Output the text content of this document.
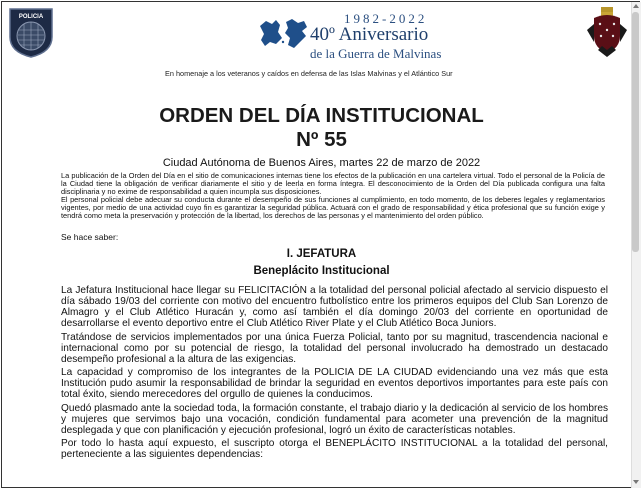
POLICIA	1982-2022
40º Aniversario
de la Guerra de Malvinas
En homenaje a los veteranos y caídos en defensa de las Islas Malvinas y el Atlántico Sur
ORDEN DEL DÍA INSTITUCIONAL
Nº 55
Ciudad Autónoma de Buenos Aires, martes 22 de marzo de 2022

La publicación de la Orden del Día en el sitio de comunicaciones internas tiene los efectos de la publicación en una cartelera virtual. Todo el personal de la Policía de la Ciudad tiene la obligación de verificar diariamente el sitio y de leerla en forma íntegra. El desconocimiento de la Orden del Día publicada configura una falta disciplinaria y no exime de responsabilidad a quien incumpla sus disposiciones.

El personal policial debe adecuar su conducta durante el desempeño de sus funciones al cumplimiento, en todo momento, de los deberes legales y reglamentarios vigentes, por medio de una actividad cuyo fin es garantizar la seguridad pública. Actuará con el grado de responsabilidad y ética profesional que su función exige y tendrá como meta la preservación y protección de la libertad, los derechos de las personas y el mantenimiento del orden público.

Se hace saber:
I. JEFATURA
Beneplácito Institucional

La Jefatura Institucional hace llegar su FELICITACIÓN a la totalidad del personal policial afectado al servicio dispuesto el día sábado 19/03 del corriente con motivo del encuentro futbolístico entre los primeros equipos del Club San Lorenzo de Almagro y el Club Atlético Huracán y, como así también el día domingo 20/03 del corriente en oportunidad de desarrollarse el evento deportivo entre el Club Atlético River Plate y el Club Atlético Boca Juniors.

Tratándose de servicios implementados por una única Fuerza Policial, tanto por su magnitud, trascendencia nacional e internacional como por su potencial de riesgo, la totalidad del personal involucrado ha demostrado un destacado desempeño profesional a la altura de las exigencias.

La capacidad y compromiso de los integrantes de la POLICIA DE LA CIUDAD evidenciando una vez más que esta Institución pudo asumir la responsabilidad de brindar la seguridad en eventos deportivos importantes para este país con total éxito, siendo merecedores del orgullo de quienes la conducimos.

Quedó plasmado ante la sociedad toda, la formación constante, el trabajo diario y la dedicación al servicio de los hombres y mujeres que servimos bajo una vocación, condición fundamental para acometer una prevención de la magnitud desplegada y que con planificación y ejecución profesional, logró un éxito de características notables.

Por todo lo hasta aquí expuesto, el suscripto otorga el BENEPLÁCITO INSTITUCIONAL a la totalidad del personal, perteneciente a las siguientes dependencias:
